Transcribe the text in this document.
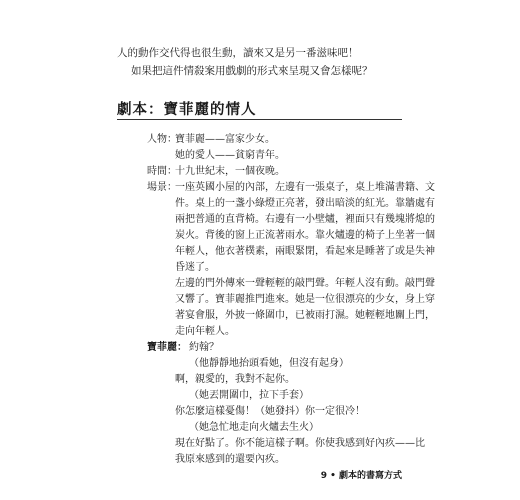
人的動作交代得也很生動，讀來又是另一番滋味吧！
如果把這件情殺案用戲劇的形式來呈現又會怎樣呢？
劇本：寶菲麗的情人
人物：
寶菲麗——富家少女。
她的愛人——貧窮青年。
時間：
十九世紀末，一個夜晚。
場景：
一座英國小屋的內部，左邊有一張桌子，桌上堆滿書籍、文
件。桌上的一盞小綠燈正亮著，發出暗淡的紅光。靠牆處有
兩把普通的直背椅。右邊有一小壁爐，裡面只有幾塊將熄的
炭火。背後的窗上正流著雨水。靠火爐邊的椅子上坐著一個
年輕人，他衣著樸素，兩眼緊閉，看起來是睡著了或是失神
昏迷了。
左邊的門外傳來一聲輕輕的敲門聲。年輕人沒有動。敲門聲
又響了。寶菲麗推門進來。她是一位很漂亮的少女，身上穿
著宴會服，外披一條圍巾，已被雨打濕。她輕輕地關上門，
走向年輕人。
寶菲麗： 約翰？
（他靜靜地抬頭看她，但沒有起身）
啊，親愛的，我對不起你。
（她丟開圍巾，拉下手套）
你怎麼這樣憂傷！（她發抖）你一定很冷！
（她急忙地走向火爐去生火）
現在好點了。你不能這樣子啊。你使我感到好內疚——比
我原來感到的還要內疚。
9 • 劇本的書寫方式
